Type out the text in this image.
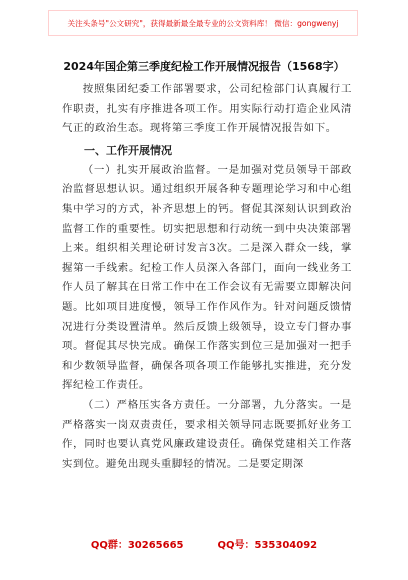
关注头条号"公文研究"，获得最新最全最专业的公文资料库！ 微信：gongwenyj
2024年国企第三季度纪检工作开展情况报告（1568字）

按照集团纪委工作部署要求，公司纪检部门认真履行工作职责，扎实有序推进各项工作。用实际行动打造企业风清气正的政治生态。现将第三季度工作开展情况报告如下。

一、工作开展情况

（一）扎实开展政治监督。一是加强对党员领导干部政治监督思想认识。通过组织开展各种专题理论学习和中心组集中学习的方式，补齐思想上的钙。督促其深刻认识到政治监督工作的重要性。切实把思想和行动统一到中央决策部署上来。组织相关理论研讨发言3次。二是深入群众一线，掌握第一手线索。纪检工作人员深入各部门，面向一线业务工作人员了解其在日常工作中在工作会议有无需要立即解决问题。比如项目进度慢，领导工作作风作为。针对问题反馈情况进行分类设置清单。然后反馈上级领导，设立专门督办事项。督促其尽快完成。确保工作落实到位三是加强对一把手和少数领导监督，确保各项各项工作能够扎实推进，充分发挥纪检工作责任。

（二）严格压实各方责任。一分部署，九分落实。一是严格落实一岗双责责任，要求相关领导同志既要抓好业务工作，同时也要认真党风廉政建设责任。确保党建相关工作落实到位。避免出现头重脚轻的情况。二是要定期深

QQ群：30265665	QQ号：535304092
